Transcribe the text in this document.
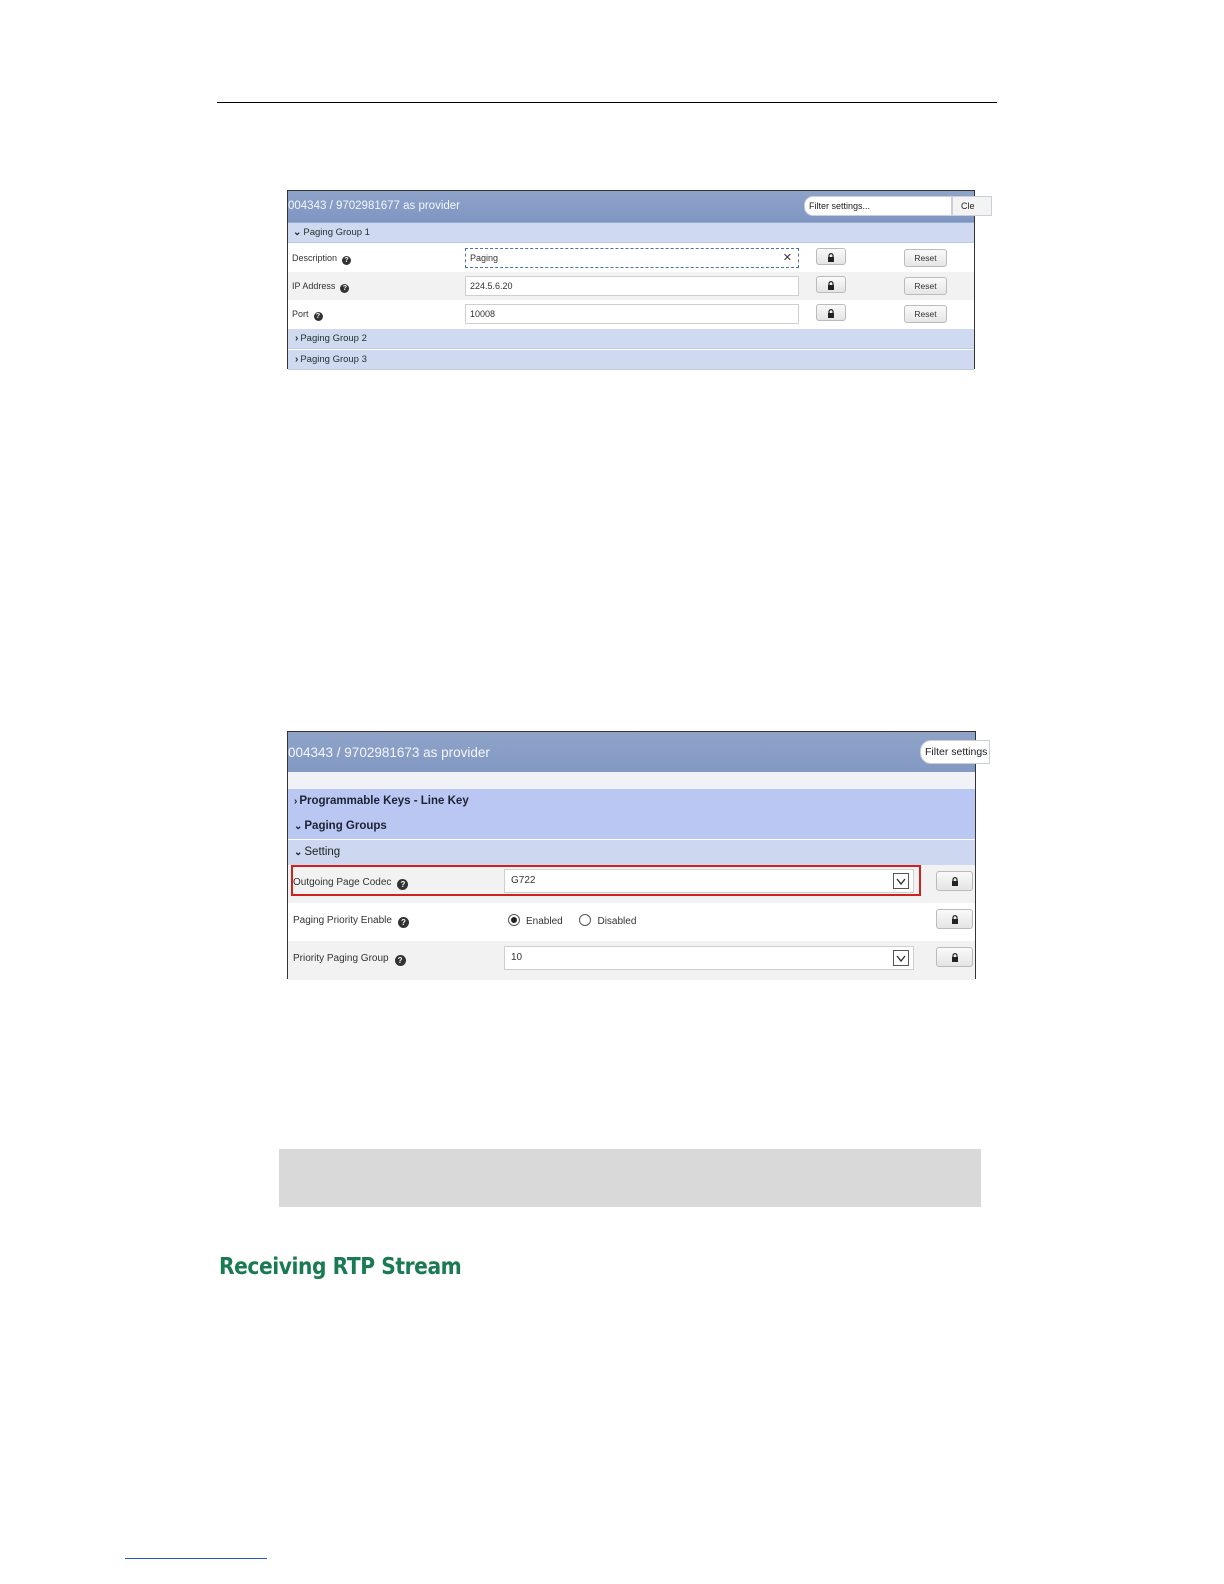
004343 / 9702981677 as provider	Filter settings...	Cle
⌄ Paging Group 1
Description ?	Paging	✕	Reset
IP Address ?	224.5.6.20	Reset
Port ?	10008	Reset
› Paging Group 2
› Paging Group 3
004343 / 9702981673 as provider	Filter settings
› Programmable Keys - Line Key
⌄ Paging Groups
⌄ Setting
Outgoing Page Codec ?	G722
Paging Priority Enable ?	Enabled	Disabled
Priority Paging Group ?	10
Receiving RTP Stream
